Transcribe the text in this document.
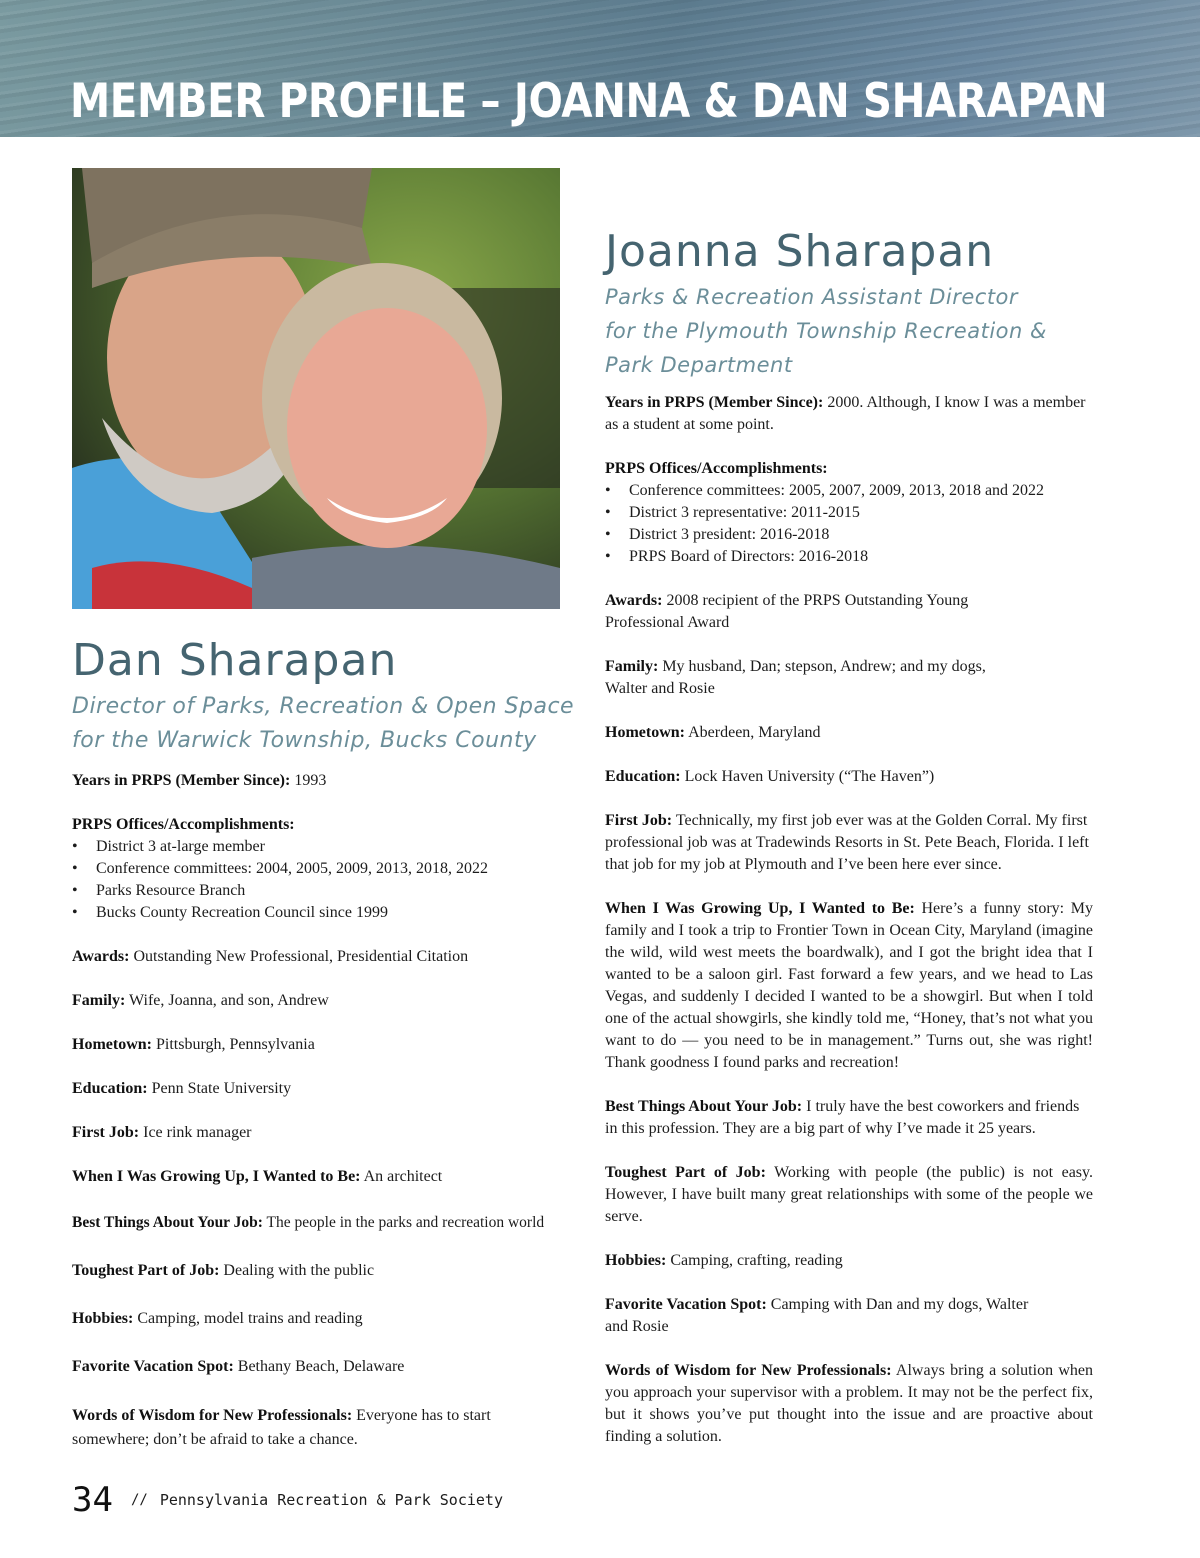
MEMBER PROFILE – JOANNA & DAN SHARAPAN
Dan Sharapan

Director of Parks, Recreation & Open Space

for the Warwick Township, Bucks County

Years in PRPS (Member Since): 1993

PRPS Offices/Accomplishments:

• District 3 at-large member
• Conference committees: 2004, 2005, 2009, 2013, 2018, 2022
• Parks Resource Branch
• Bucks County Recreation Council since 1999

Awards: Outstanding New Professional, Presidential Citation

Family: Wife, Joanna, and son, Andrew

Hometown: Pittsburgh, Pennsylvania

Education: Penn State University

First Job: Ice rink manager

When I Was Growing Up, I Wanted to Be: An architect

Best Things About Your Job: The people in the parks and recreation world

Toughest Part of Job: Dealing with the public

Hobbies: Camping, model trains and reading

Favorite Vacation Spot: Bethany Beach, Delaware

Words of Wisdom for New Professionals: Everyone has to start somewhere; don’t be afraid to take a chance.

Joanna Sharapan

Parks & Recreation Assistant Director

for the Plymouth Township Recreation &

Park Department

Years in PRPS (Member Since): 2000. Although, I know I was a member as a student at some point.

PRPS Offices/Accomplishments:

• Conference committees: 2005, 2007, 2009, 2013, 2018 and 2022
• District 3 representative: 2011-2015
• District 3 president: 2016-2018
• PRPS Board of Directors: 2016-2018

Awards: 2008 recipient of the PRPS Outstanding Young Professional Award

Family: My husband, Dan; stepson, Andrew; and my dogs, Walter and Rosie

Hometown: Aberdeen, Maryland

Education: Lock Haven University (“The Haven”)

First Job: Technically, my first job ever was at the Golden Corral. My first professional job was at Tradewinds Resorts in St. Pete Beach, Florida. I left that job for my job at Plymouth and I’ve been here ever since.

When I Was Growing Up, I Wanted to Be: Here’s a funny story: My family and I took a trip to Frontier Town in Ocean City, Maryland (imagine the wild, wild west meets the boardwalk), and I got the bright idea that I wanted to be a saloon girl. Fast forward a few years, and we head to Las Vegas, and suddenly I decided I wanted to be a showgirl. But when I told one of the actual showgirls, she kindly told me, “Honey, that’s not what you want to do — you need to be in management.” Turns out, she was right! Thank goodness I found parks and recreation!

Best Things About Your Job: I truly have the best coworkers and friends in this profession. They are a big part of why I’ve made it 25 years.

Toughest Part of Job: Working with people (the public) is not easy. However, I have built many great relationships with some of the people we serve.

Hobbies: Camping, crafting, reading

Favorite Vacation Spot: Camping with Dan and my dogs, Walter and Rosie

Words of Wisdom for New Professionals: Always bring a solution when you approach your supervisor with a problem. It may not be the perfect fix, but it shows you’ve put thought into the issue and are proactive about finding a solution.

34 // Pennsylvania Recreation & Park Society
